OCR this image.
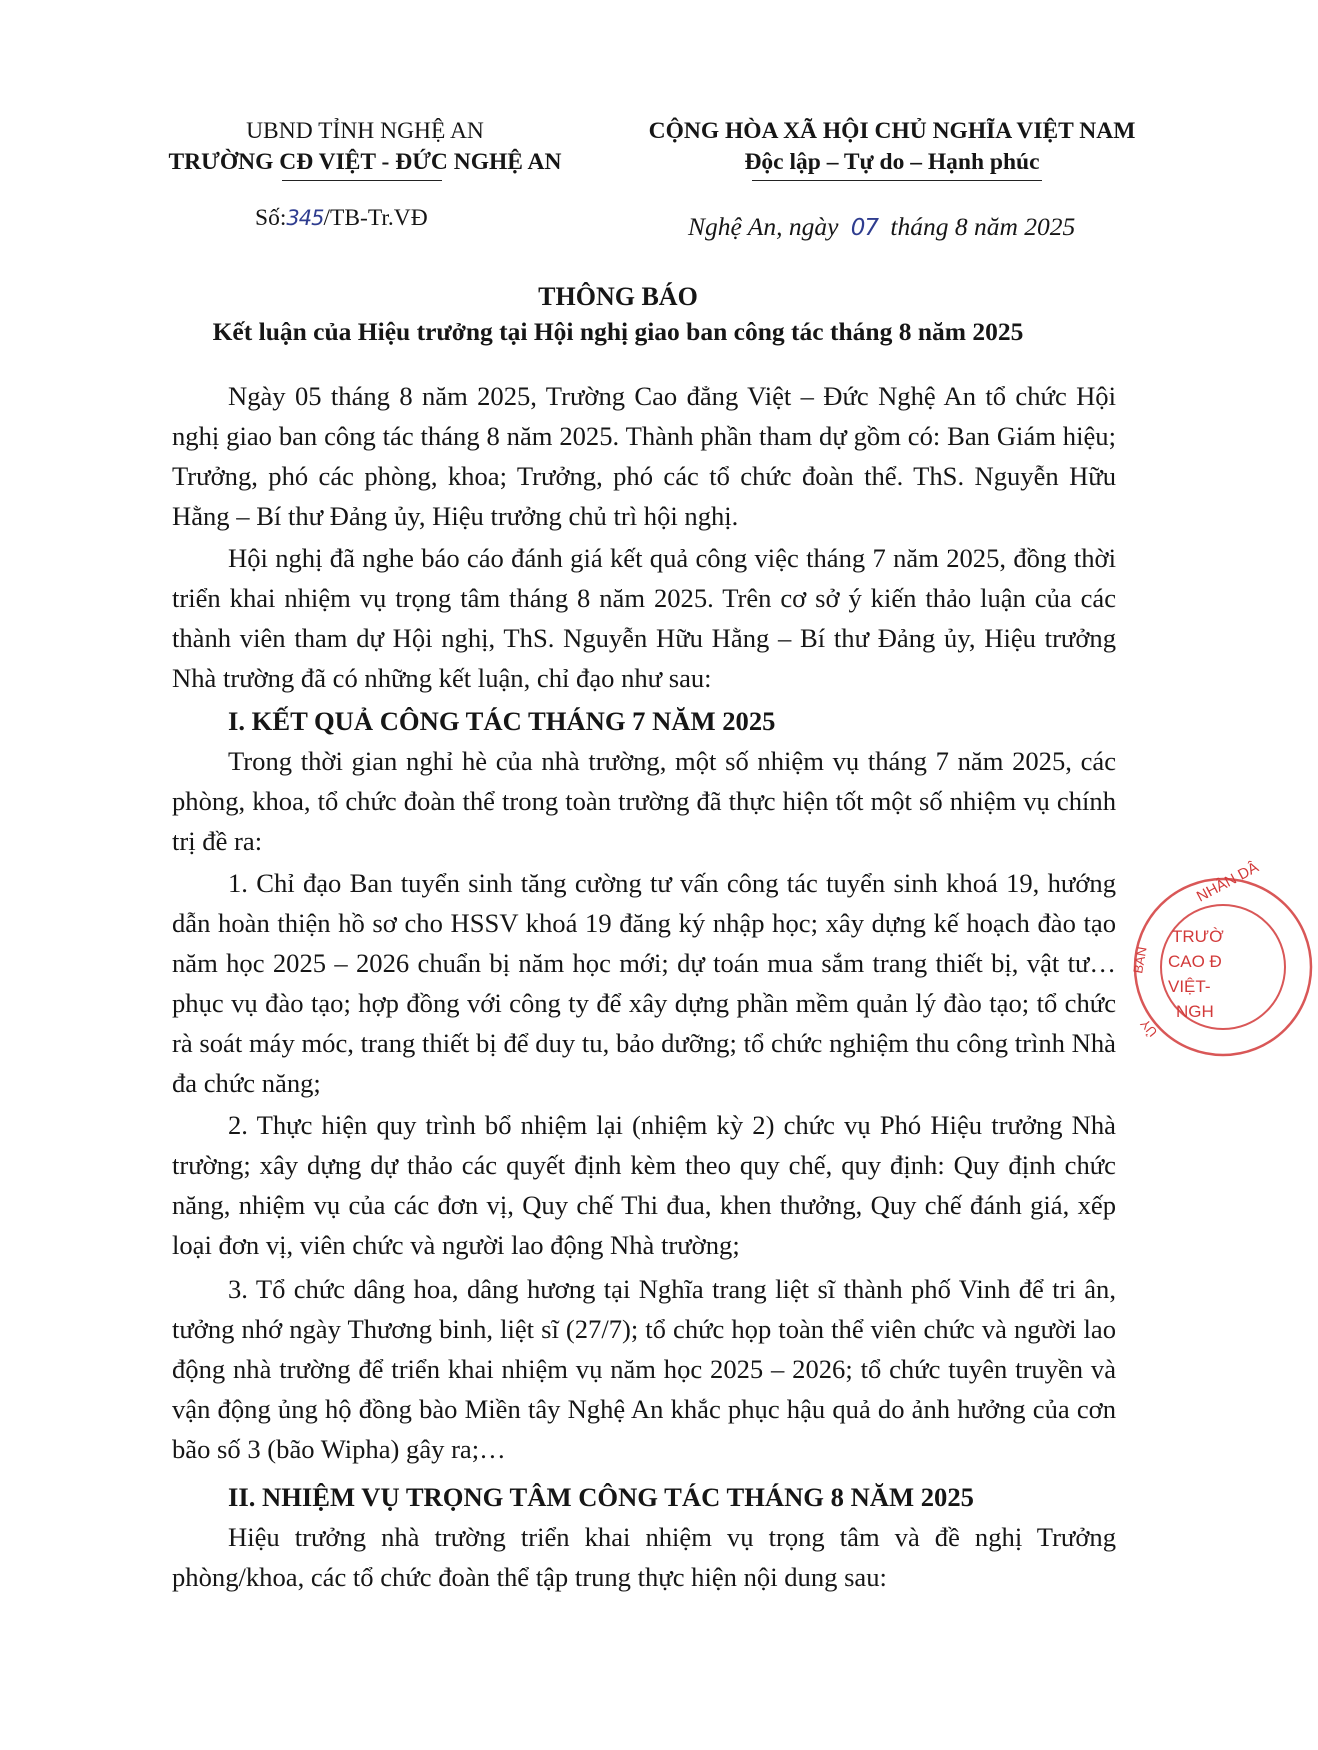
UBND TỈNH NGHỆ AN
TRƯỜNG CĐ VIỆT - ĐỨC NGHỆ AN
CỘNG HÒA XÃ HỘI CHỦ NGHĨA VIỆT NAM
Độc lập – Tự do – Hạnh phúc
Số:345/TB-Tr.VĐ	Nghệ An, ngày 07 tháng 8 năm 2025
THÔNG BÁO
Kết luận của Hiệu trưởng tại Hội nghị giao ban công tác tháng 8 năm 2025

Ngày 05 tháng 8 năm 2025, Trường Cao đẳng Việt – Đức Nghệ An tổ chức Hội nghị giao ban công tác tháng 8 năm 2025. Thành phần tham dự gồm có: Ban Giám hiệu; Trưởng, phó các phòng, khoa; Trưởng, phó các tổ chức đoàn thể. ThS. Nguyễn Hữu Hằng – Bí thư Đảng ủy, Hiệu trưởng chủ trì hội nghị.

Hội nghị đã nghe báo cáo đánh giá kết quả công việc tháng 7 năm 2025, đồng thời triển khai nhiệm vụ trọng tâm tháng 8 năm 2025. Trên cơ sở ý kiến thảo luận của các thành viên tham dự Hội nghị, ThS. Nguyễn Hữu Hằng – Bí thư Đảng ủy, Hiệu trưởng Nhà trường đã có những kết luận, chỉ đạo như sau:

I. KẾT QUẢ CÔNG TÁC THÁNG 7 NĂM 2025

Trong thời gian nghỉ hè của nhà trường, một số nhiệm vụ tháng 7 năm 2025, các phòng, khoa, tổ chức đoàn thể trong toàn trường đã thực hiện tốt một số nhiệm vụ chính trị đề ra:

1. Chỉ đạo Ban tuyển sinh tăng cường tư vấn công tác tuyển sinh khoá 19, hướng dẫn hoàn thiện hồ sơ cho HSSV khoá 19 đăng ký nhập học; xây dựng kế hoạch đào tạo năm học 2025 – 2026 chuẩn bị năm học mới; dự toán mua sắm trang thiết bị, vật tư… phục vụ đào tạo; hợp đồng với công ty để xây dựng phần mềm quản lý đào tạo; tổ chức rà soát máy móc, trang thiết bị để duy tu, bảo dưỡng; tổ chức nghiệm thu công trình Nhà đa chức năng;

2. Thực hiện quy trình bổ nhiệm lại (nhiệm kỳ 2) chức vụ Phó Hiệu trưởng Nhà trường; xây dựng dự thảo các quyết định kèm theo quy chế, quy định: Quy định chức năng, nhiệm vụ của các đơn vị, Quy chế Thi đua, khen thưởng, Quy chế đánh giá, xếp loại đơn vị, viên chức và người lao động Nhà trường;

3. Tổ chức dâng hoa, dâng hương tại Nghĩa trang liệt sĩ thành phố Vinh để tri ân, tưởng nhớ ngày Thương binh, liệt sĩ (27/7); tổ chức họp toàn thể viên chức và người lao động nhà trường để triển khai nhiệm vụ năm học 2025 – 2026; tổ chức tuyên truyền và vận động ủng hộ đồng bào Miền tây Nghệ An khắc phục hậu quả do ảnh hưởng của cơn bão số 3 (bão Wipha) gây ra;…

II. NHIỆM VỤ TRỌNG TÂM CÔNG TÁC THÁNG 8 NĂM 2025

Hiệu trưởng nhà trường triển khai nhiệm vụ trọng tâm và đề nghị Trưởng phòng/khoa, các tổ chức đoàn thể tập trung thực hiện nội dung sau:

NHÂN DÂ
BAN
ỦY
TRƯỜ
CAO Đ
VIỆT-
NGH
